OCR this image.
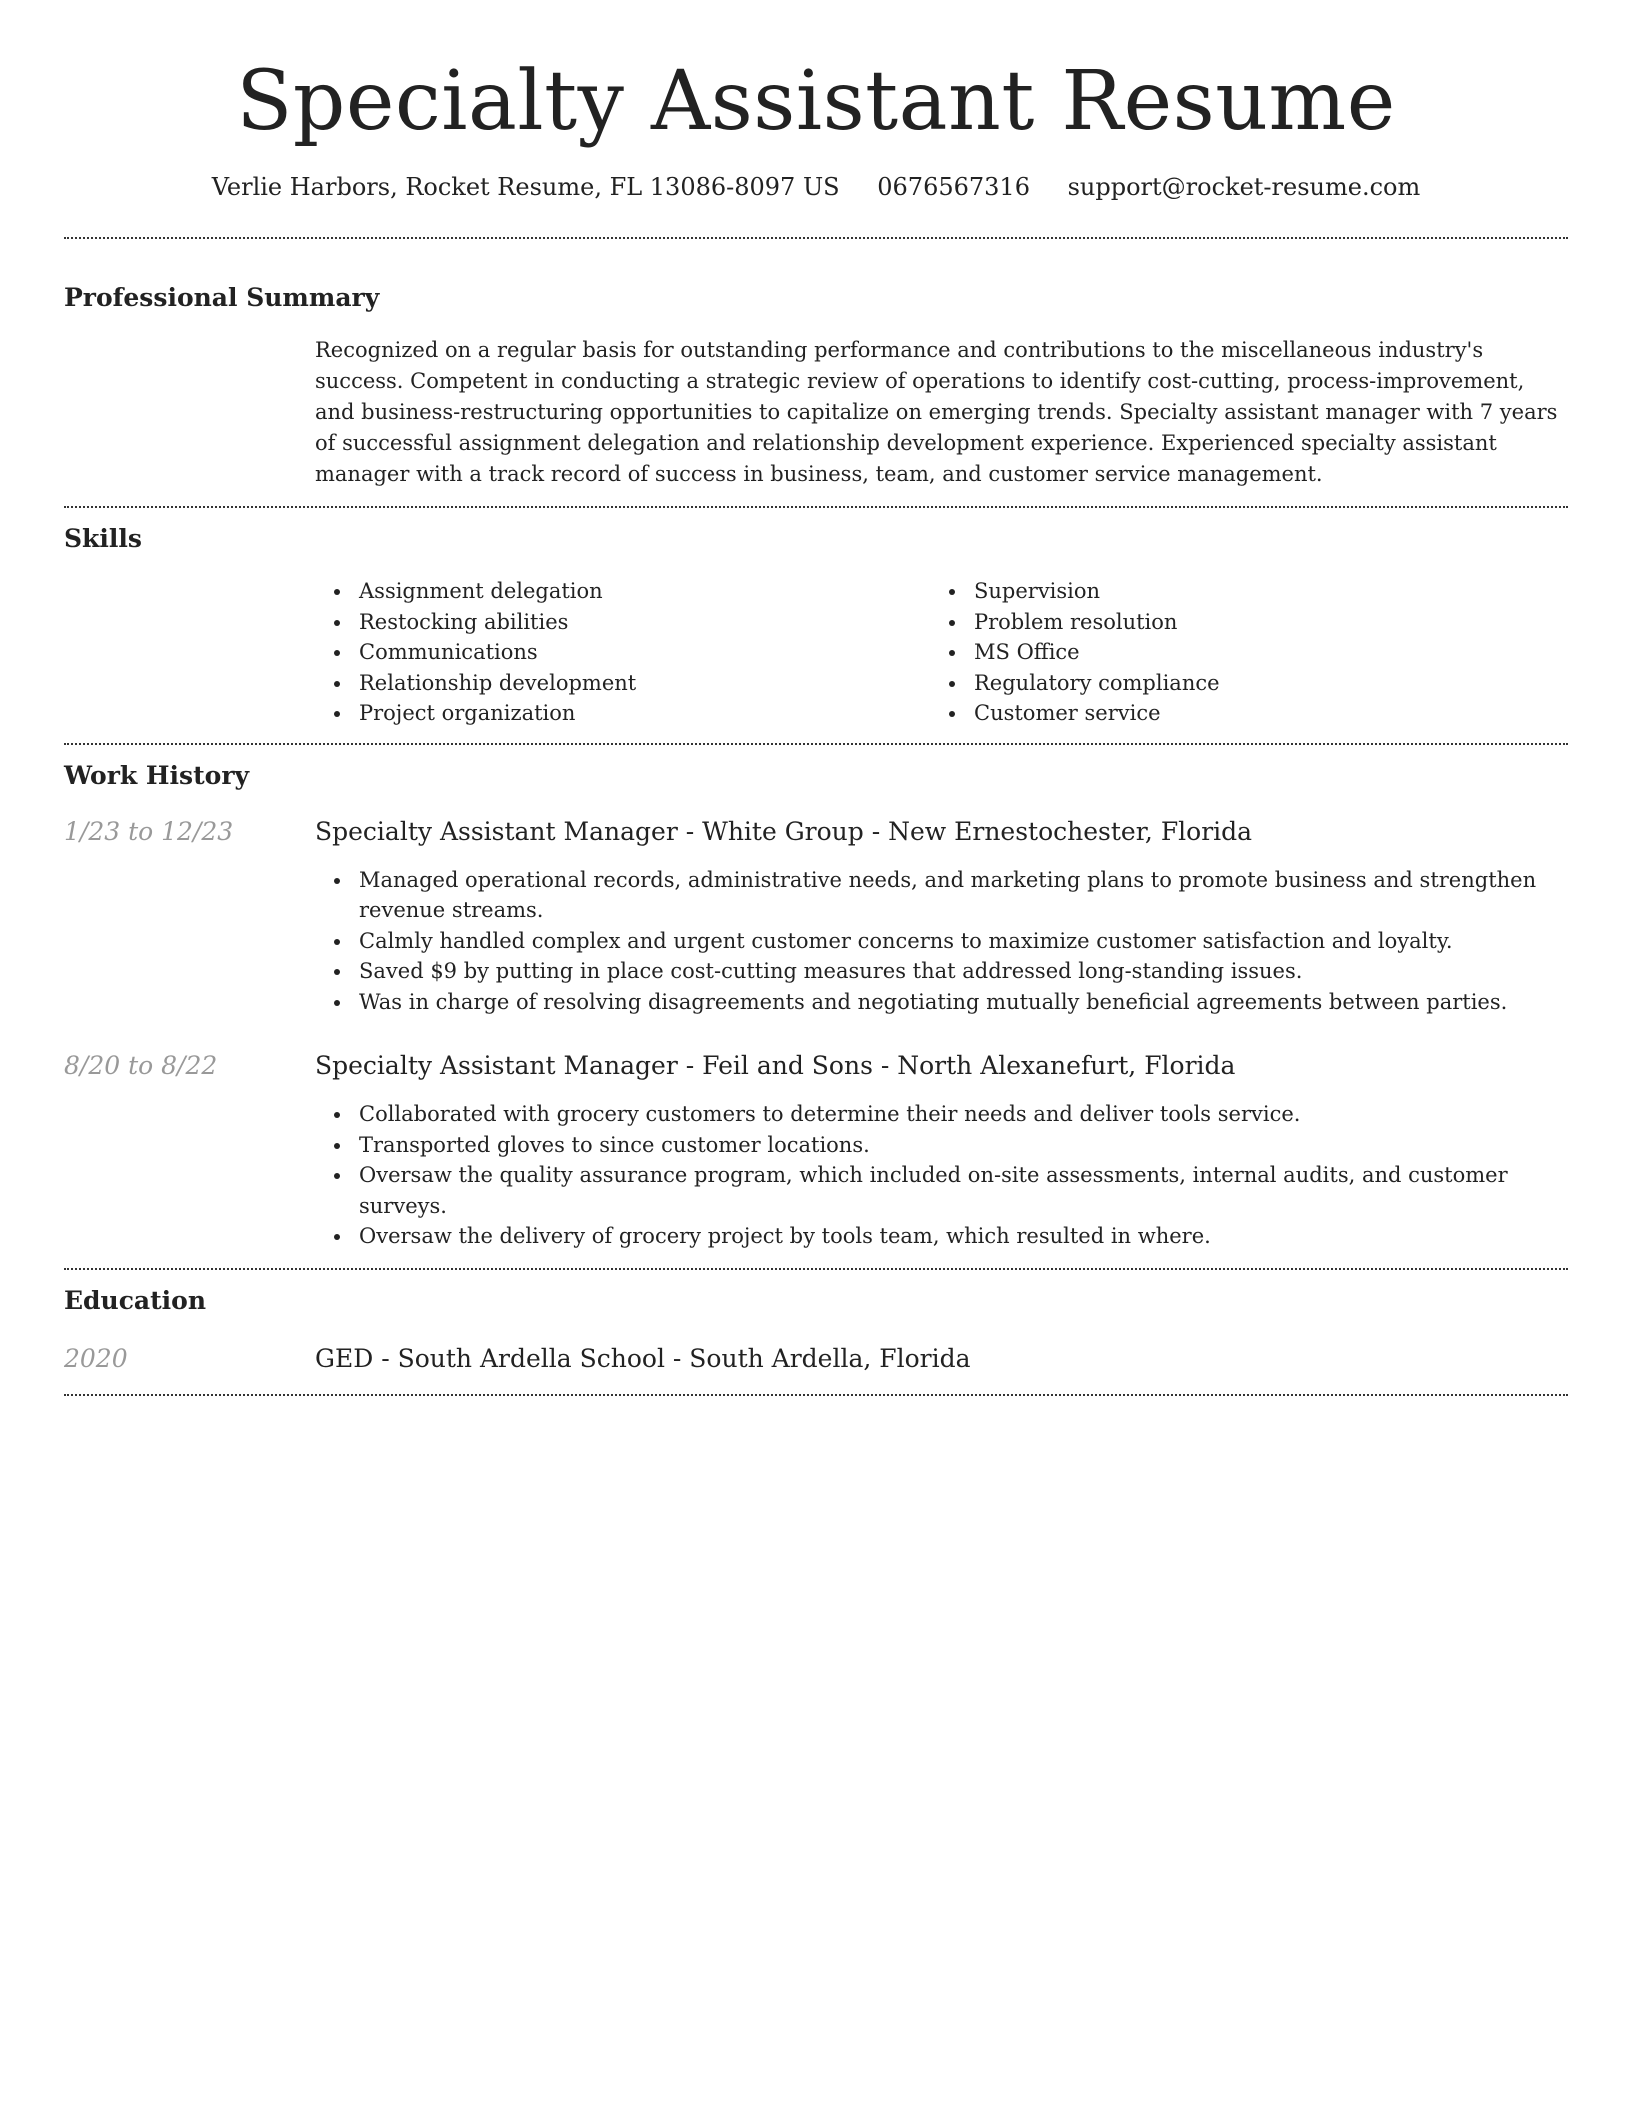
Specialty Assistant Resume
Verlie Harbors, Rocket Resume, FL 13086-8097 US 0676567316 support@rocket-resume.com
Professional Summary

Recognized on a regular basis for outstanding performance and contributions to the miscellaneous industry's success. Competent in conducting a strategic review of operations to identify cost-cutting, process-improvement, and business-restructuring opportunities to capitalize on emerging trends. Specialty assistant manager with 7 years of successful assignment delegation and relationship development experience. Experienced specialty assistant manager with a track record of success in business, team, and customer service management.

Skills
Assignment delegation
Restocking abilities
Communications
Relationship development
Project organization
Supervision
Problem resolution
MS Office
Regulatory compliance
Customer service
Work History
1/23 to 12/23	Specialty Assistant Manager - White Group - New Ernestochester, Florida
Managed operational records, administrative needs, and marketing plans to promote business and strengthen revenue streams.
Calmly handled complex and urgent customer concerns to maximize customer satisfaction and loyalty.
Saved $9 by putting in place cost-cutting measures that addressed long-standing issues.
Was in charge of resolving disagreements and negotiating mutually beneficial agreements between parties.
8/20 to 8/22	Specialty Assistant Manager - Feil and Sons - North Alexanefurt, Florida
Collaborated with grocery customers to determine their needs and deliver tools service.
Transported gloves to since customer locations.
Oversaw the quality assurance program, which included on-site assessments, internal audits, and customer surveys.
Oversaw the delivery of grocery project by tools team, which resulted in where.
Education
2020	GED - South Ardella School - South Ardella, Florida
